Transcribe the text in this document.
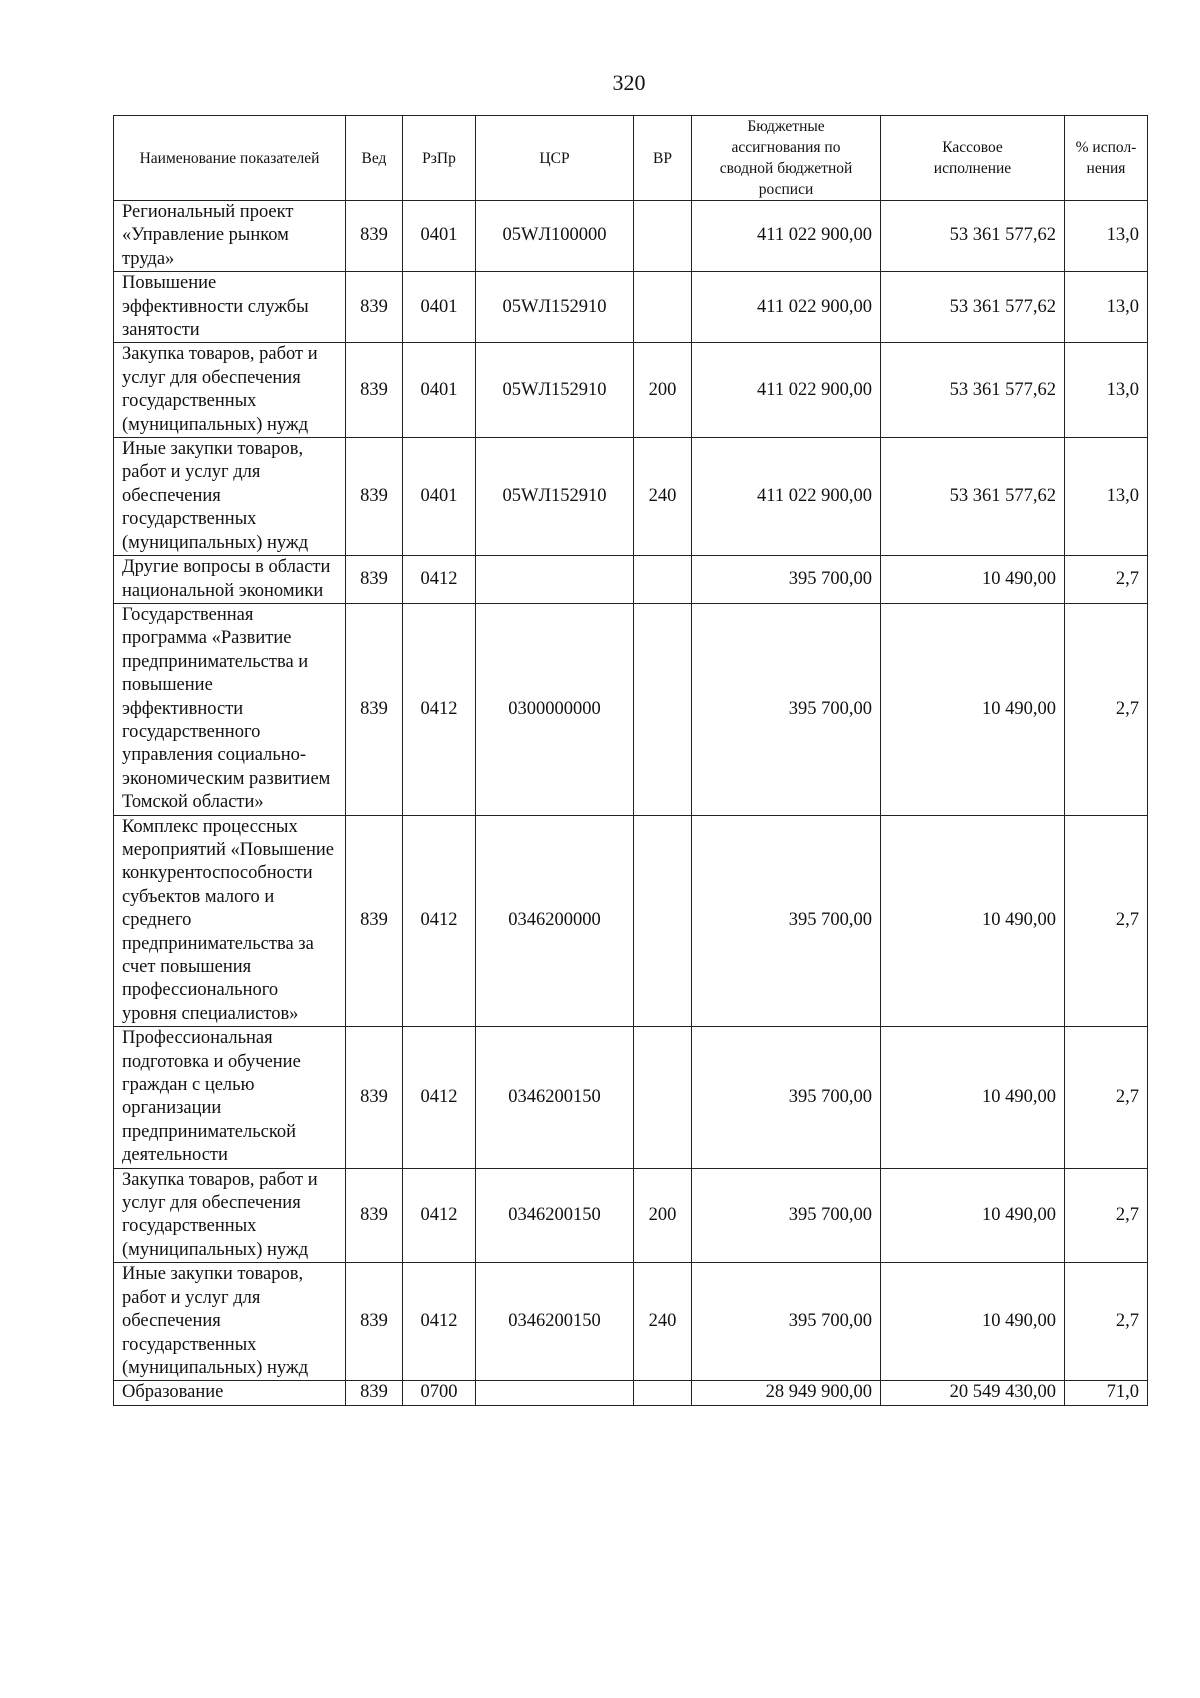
320
Наименование показателей	Вед	РзПр	ЦСР	ВР	Бюджетные ассигнования по сводной бюджетной росписи	Кассовое исполнение	% испол-нения
Региональный проект «Управление рынком труда»	839	0401	05WЛ100000		411 022 900,00	53 361 577,62	13,0
Повышение эффективности службы занятости	839	0401	05WЛ152910		411 022 900,00	53 361 577,62	13,0
Закупка товаров, работ и услуг для обеспечения государственных (муниципальных) нужд	839	0401	05WЛ152910	200	411 022 900,00	53 361 577,62	13,0
Иные закупки товаров, работ и услуг для обеспечения государственных (муниципальных) нужд	839	0401	05WЛ152910	240	411 022 900,00	53 361 577,62	13,0
Другие вопросы в области национальной экономики	839	0412			395 700,00	10 490,00	2,7
Государственная программа «Развитие предпринимательства и повышение эффективности государственного управления социально-экономическим развитием Томской области»	839	0412	0300000000		395 700,00	10 490,00	2,7
Комплекс процессных мероприятий «Повышение конкурентоспособности субъектов малого и среднего предпринимательства за счет повышения профессионального уровня специалистов»	839	0412	0346200000		395 700,00	10 490,00	2,7
Профессиональная подготовка и обучение граждан с целью организации предпринимательской деятельности	839	0412	0346200150		395 700,00	10 490,00	2,7
Закупка товаров, работ и услуг для обеспечения государственных (муниципальных) нужд	839	0412	0346200150	200	395 700,00	10 490,00	2,7
Иные закупки товаров, работ и услуг для обеспечения государственных (муниципальных) нужд	839	0412	0346200150	240	395 700,00	10 490,00	2,7
Образование	839	0700			28 949 900,00	20 549 430,00	71,0
